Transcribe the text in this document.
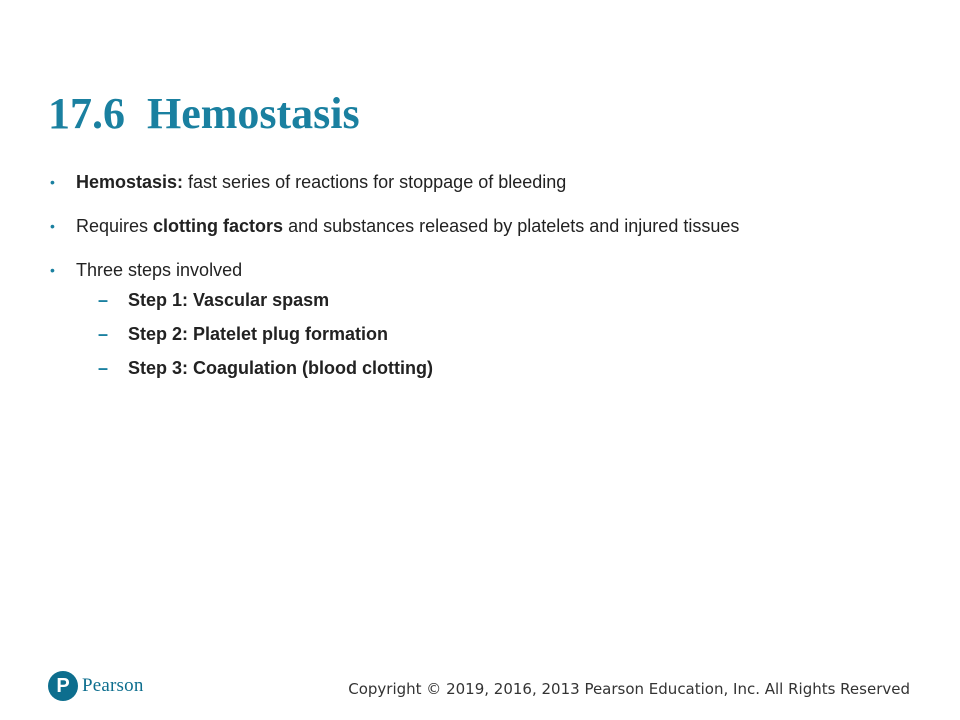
17.6  Hemostasis
• Hemostasis: fast series of reactions for stoppage of bleeding
• Requires clotting factors and substances released by platelets and injured tissues
• Three steps involved
– Step 1: Vascular spasm
– Step 2: Platelet plug formation
– Step 3: Coagulation (blood clotting)
P Pearson	Copyright © 2019, 2016, 2013 Pearson Education, Inc. All Rights Reserved
